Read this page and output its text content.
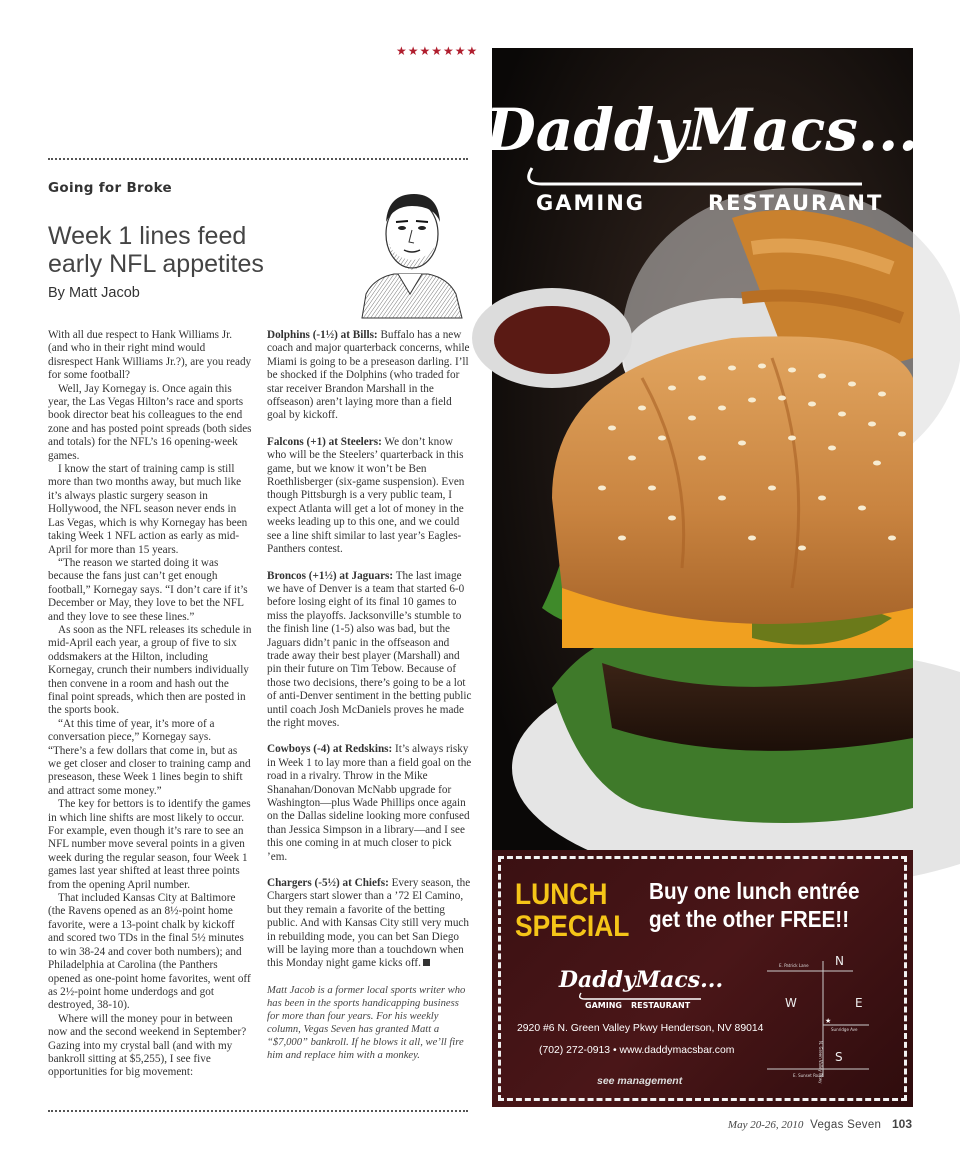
★★★★★★★
Going for Broke
Week 1 lines feed
early NFL appetites
By Matt Jacob

With all due respect to Hank Williams Jr. (and who in their right mind would disrespect Hank Williams Jr.?), are you ready for some football?

Well, Jay Kornegay is. Once again this year, the Las Vegas Hilton’s race and sports book director beat his colleagues to the end zone and has posted point spreads (both sides and totals) for the NFL’s 16 opening-week games.

I know the start of training camp is still more than two months away, but much like it’s always plastic surgery season in Hollywood, the NFL season never ends in Las Vegas, which is why Kornegay has been taking Week 1 NFL action as early as mid-April for more than 15 years.

“The reason we started doing it was because the fans just can’t get enough football,” Kornegay says. “I don’t care if it’s December or May, they love to bet the NFL and they love to see these lines.”

As soon as the NFL releases its schedule in mid-April each year, a group of five to six oddsmakers at the Hilton, including Kornegay, crunch their numbers individually then convene in a room and hash out the final point spreads, which then are posted in the sports book.

“At this time of year, it’s more of a conversation piece,” Kornegay says. “There’s a few dollars that come in, but as we get closer and closer to training camp and preseason, these Week 1 lines begin to shift and attract some money.”

The key for bettors is to identify the games in which line shifts are most likely to occur. For example, even though it’s rare to see an NFL number move several points in a given week during the regular season, four Week 1 games last year shifted at least three points from the opening April number.

That included Kansas City at Baltimore (the Ravens opened as an 8½-point home favorite, were a 13-point chalk by kickoff and scored two TDs in the final 5½ minutes to win 38-24 and cover both numbers); and Philadelphia at Carolina (the Panthers opened as one-point home favorites, went off as 2½-point home underdogs and got destroyed, 38-10).

Where will the money pour in between now and the second weekend in September? Gazing into my crystal ball (and with my bankroll sitting at $5,255), I see five opportunities for big movement:

Dolphins (-1½) at Bills: Buffalo has a new coach and major quarterback concerns, while Miami is going to be a preseason darling. I’ll be shocked if the Dolphins (who traded for star receiver Brandon Marshall in the offseason) aren’t laying more than a field goal by kickoff.

Falcons (+1) at Steelers: We don’t know who will be the Steelers’ quarterback in this game, but we know it won’t be Ben Roethlisberger (six-game suspension). Even though Pittsburgh is a very public team, I expect Atlanta will get a lot of money in the weeks leading up to this one, and we could see a line shift similar to last year’s Eagles-Panthers contest.

Broncos (+1½) at Jaguars: The last image we have of Denver is a team that started 6-0 before losing eight of its final 10 games to miss the playoffs. Jacksonville’s stumble to the finish line (1-5) also was bad, but the Jaguars didn’t panic in the offseason and trade away their best player (Marshall) and pin their future on Tim Tebow. Because of those two decisions, there’s going to be a lot of anti-Denver sentiment in the betting public until coach Josh McDaniels proves he made the right moves.

Cowboys (-4) at Redskins: It’s always risky in Week 1 to lay more than a field goal on the road in a rivalry. Throw in the Mike Shanahan/Donovan McNabb upgrade for Washington—plus Wade Phillips once again on the Dallas sideline looking more confused than Jessica Simpson in a library—and I see this one coming in at much closer to pick ’em.

Chargers (-5½) at Chiefs: Every season, the Chargers start slower than a ’72 El Camino, but they remain a favorite of the betting public. And with Kansas City still very much in rebuilding mode, you can bet San Diego will be laying more than a touchdown when this Monday night game kicks off.

Matt Jacob is a former local sports writer who has been in the sports handicapping business for more than four years. For his weekly column, Vegas Seven has granted Matt a “$7,000” bankroll. If he blows it all, we’ll fire him and replace him with a monkey.

DaddyMacs...
GAMING	RESTAURANT
LUNCH
SPECIAL
Buy one lunch entrée
get the other FREE!!
DaddyMacs...
GAMING RESTAURANT
2920 #6 N. Green Valley Pkwy Henderson, NV 89014
(702) 272-0913 • www.daddymacsbar.com
see management
E. Patrick Lane
E. Sunset Road
Sunridge Ave
N. Green Valley Pkwy
N
S
W	E
★
May 20-26, 2010 Vegas Seven 103
